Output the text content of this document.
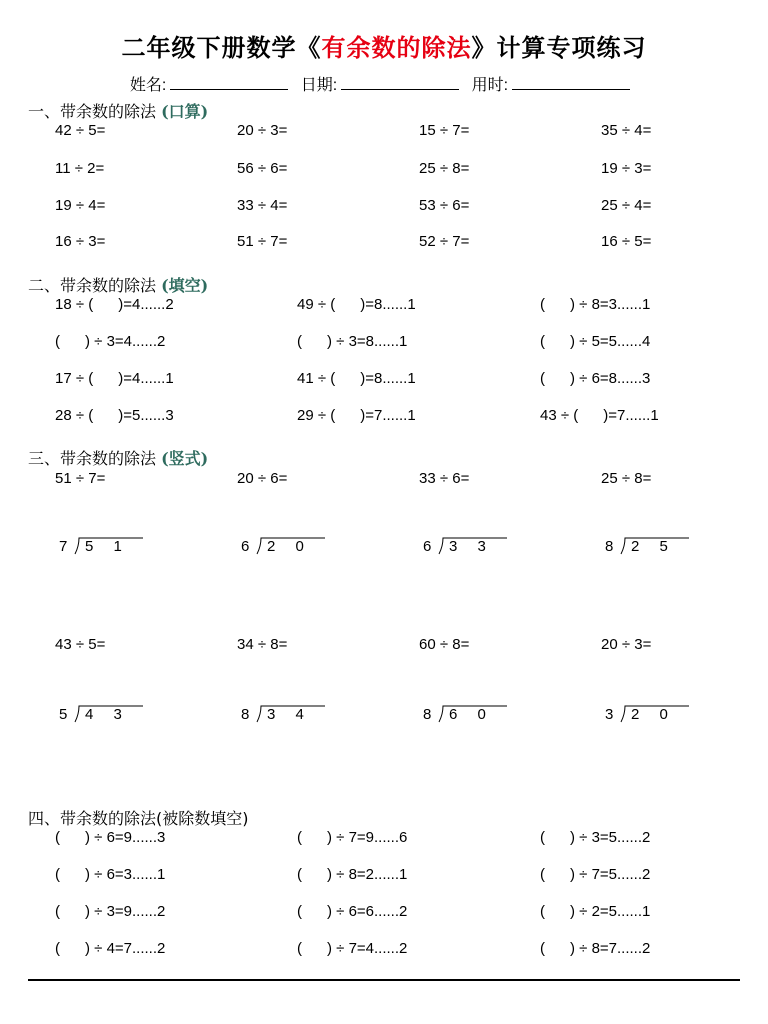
二年级下册数学《有余数的除法》计算专项练习
姓名:	日期:	用时:
一、带余数的除法 (口算)
42 ÷ 5=	20 ÷ 3=	15 ÷ 7=	35 ÷ 4=
11 ÷ 2=	56 ÷ 6=	25 ÷ 8=	19 ÷ 3=
19 ÷ 4=	33 ÷ 4=	53 ÷ 6=	25 ÷ 4=
16 ÷ 3=	51 ÷ 7=	52 ÷ 7=	16 ÷ 5=
二、带余数的除法 (填空)
18 ÷ (      )=4......2	49 ÷ (      )=8......1	(      ) ÷ 8=3......1
(      ) ÷ 3=4......2	(      ) ÷ 3=8......1	(      ) ÷ 5=5......4
17 ÷ (      )=4......1	41 ÷ (      )=8......1	(      ) ÷ 6=8......3
28 ÷ (      )=5......3	29 ÷ (      )=7......1	43 ÷ (      )=7......1
三、带余数的除法 (竖式)
51 ÷ 7=	20 ÷ 6=	33 ÷ 6=	25 ÷ 8=
7 5 1	6 2 0	6 3 3	8 2 5
43 ÷ 5=	34 ÷ 8=	60 ÷ 8=	20 ÷ 3=
5 4 3	8 3 4	8 6 0	3 2 0
四、带余数的除法(被除数填空)
(      ) ÷ 6=9......3	(      ) ÷ 7=9......6	(      ) ÷ 3=5......2
(      ) ÷ 6=3......1	(      ) ÷ 8=2......1	(      ) ÷ 7=5......2
(      ) ÷ 3=9......2	(      ) ÷ 6=6......2	(      ) ÷ 2=5......1
(      ) ÷ 4=7......2	(      ) ÷ 7=4......2	(      ) ÷ 8=7......2
